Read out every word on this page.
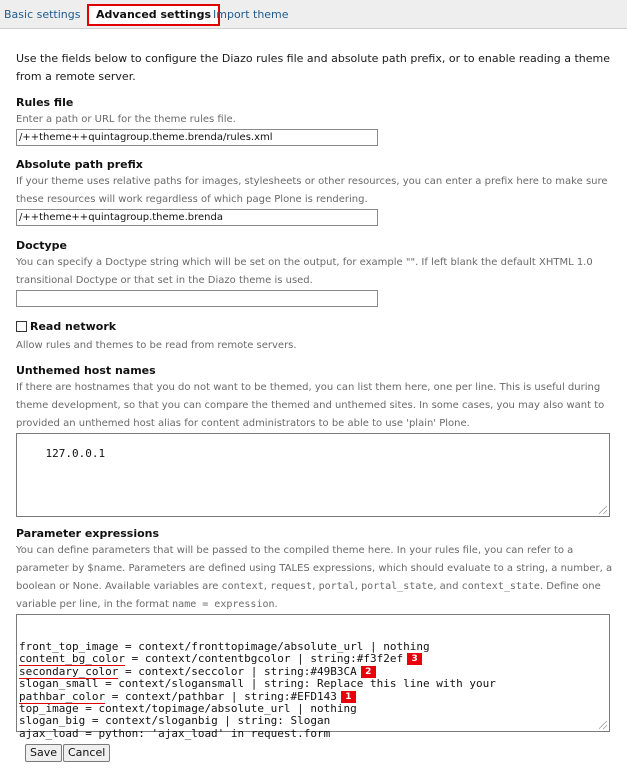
Basic settings	Advanced settings Import theme
Use the fields below to configure the Diazo rules file and absolute path prefix, or to enable reading a theme from a remote server.
Rules file
Enter a path or URL for the theme rules file.
/++theme++quintagroup.theme.brenda/rules.xml
Absolute path prefix
If your theme uses relative paths for images, stylesheets or other resources, you can enter a prefix here to make sure these resources will work regardless of which page Plone is rendering.
/++theme++quintagroup.theme.brenda
Doctype
You can specify a Doctype string which will be set on the output, for example "". If left blank the default XHTML 1.0 transitional Doctype or that set in the Diazo theme is used.
Read network
Allow rules and themes to be read from remote servers.
Unthemed host names
If there are hostnames that you do not want to be themed, you can list them here, one per line. This is useful during theme development, so that you can compare the themed and unthemed sites. In some cases, you may also want to provided an unthemed host alias for content administrators to be able to use 'plain' Plone.

127.0.0.1

Parameter expressions
You can define parameters that will be passed to the compiled theme here. In your rules file, you can refer to a parameter by $name. Parameters are defined using TALES expressions, which should evaluate to a string, a number, a boolean or None. Available variables are context, request, portal, portal_state, and context_state. Define one variable per line, in the format name = expression.

front_top_image = context/fronttopimage/absolute_url | nothing
content_bg_color = context/contentbgcolor | string:#f3f2ef 3
secondary_color = context/seccolor | string:#49B3CA 2
slogan_small = context/slogansmall | string: Replace this line with your
pathbar_color = context/pathbar | string:#EFD143 1
top_image = context/topimage/absolute_url | nothing
slogan_big = context/sloganbig | string: Slogan
ajax_load = python: 'ajax_load' in request.form

Save Cancel
